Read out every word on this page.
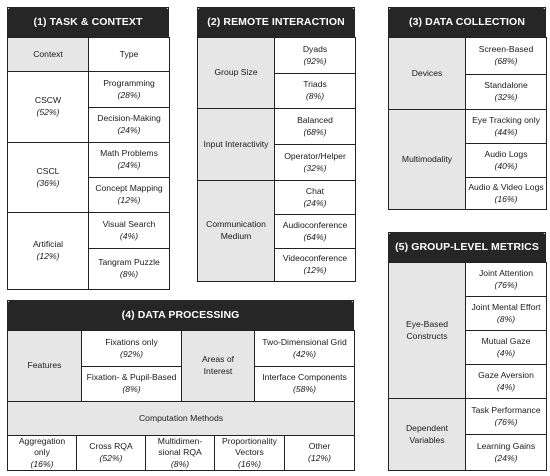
(1) TASK & CONTEXT
Context	Type
CSCW
(52%)
Programming
(28%)
Decision-Making
(24%)
CSCL
(36%)
Math Problems
(24%)
Concept Mapping
(12%)
Artificial
(12%)
Visual Search
(4%)
Tangram Puzzle
(8%)
(2) REMOTE INTERACTION
Group Size
Dyads
(92%)
Triads
(8%)
Input Interactivity
Balanced
(68%)
Operator/Helper
(32%)
Communication Medium
Chat
(24%)
Audioconference
(64%)
Videoconference
(12%)
(3) DATA COLLECTION
Devices
Screen-Based
(68%)
Standalone
(32%)
Multimodality
Eye Tracking only
(44%)
Audio Logs
(40%)
Audio & Video Logs
(16%)
(4) DATA PROCESSING
Features
Fixations only
(92%)
Fixation- & Pupil-Based
(8%)
Areas of Interest
Two-Dimensional Grid
(42%)
Interface Components
(58%)
Computation Methods
Aggregation only
(16%)
Cross RQA
(52%)
Multidimen- sional RQA
(8%)
Proportionality Vectors
(16%)
Other
(12%)
(5) GROUP-LEVEL METRICS
Eye-Based Constructs
Joint Attention
(76%)
Joint Mental Effort
(8%)
Mutual Gaze
(4%)
Gaze Aversion
(4%)
Dependent Variables
Task Performance
(76%)
Learning Gains
(24%)
